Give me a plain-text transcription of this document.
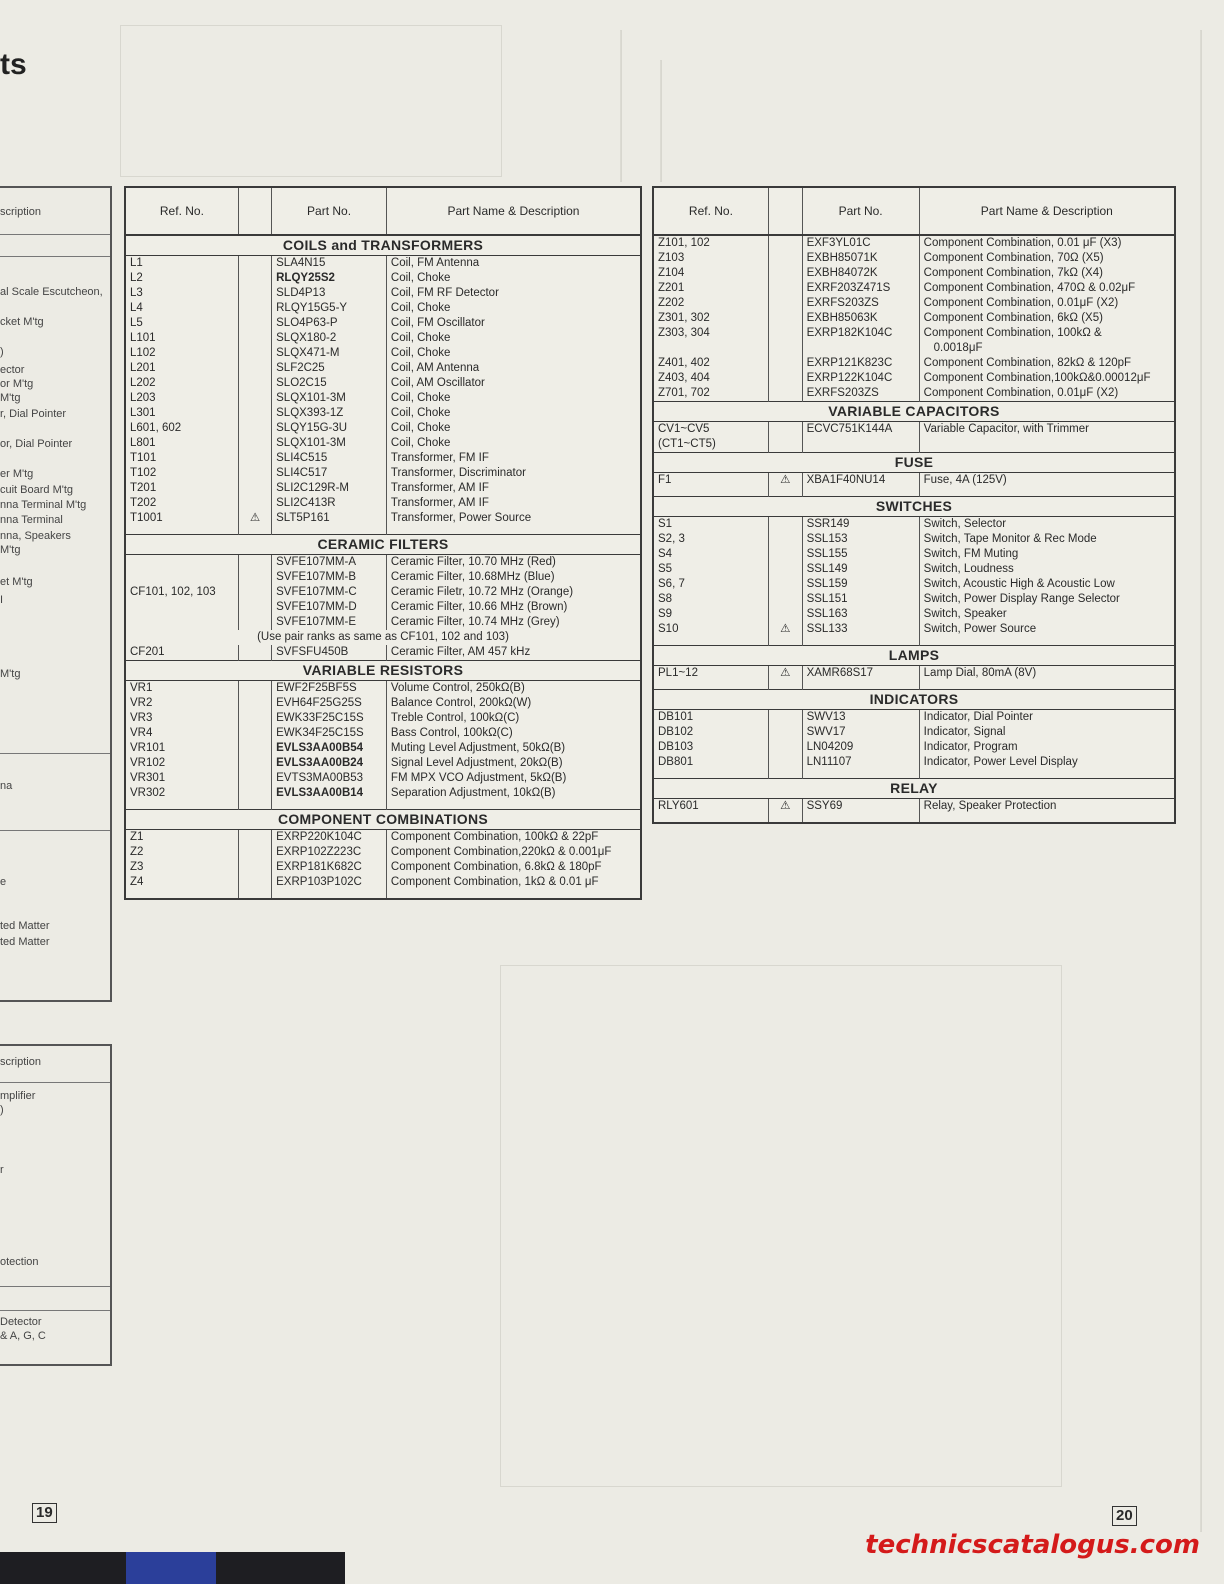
ts
scription
al Scale Escutcheon,
cket M'tg
)
ector
or M'tg
M'tg
r, Dial Pointer
or, Dial Pointer
er M'tg
cuit Board M'tg
nna Terminal M'tg
nna Terminal
nna, Speakers
M'tg
et M'tg
I
M'tg
na
e
ted Matter
ted Matter
scription
mplifier
)
r
otection
Detector
& A, G, C
Ref. No.		Part No.	Part Name & Description
COILS and TRANSFORMERS			
L1		SLA4N15	Coil, FM Antenna
L2		RLQY25S2	Coil, Choke
L3		SLD4P13	Coil, FM RF Detector
L4		RLQY15G5-Y	Coil, Choke
L5		SLO4P63-P	Coil, FM Oscillator
L101		SLQX180-2	Coil, Choke
L102		SLQX471-M	Coil, Choke
L201		SLF2C25	Coil, AM Antenna
L202		SLO2C15	Coil, AM Oscillator
L203		SLQX101-3M	Coil, Choke
L301		SLQX393-1Z	Coil, Choke
L601, 602		SLQY15G-3U	Coil, Choke
L801		SLQX101-3M	Coil, Choke
T101		SLI4C515	Transformer, FM IF
T102		SLI4C517	Transformer, Discriminator
T201		SLI2C129R-M	Transformer, AM IF
T202		SLI2C413R	Transformer, AM IF
T1001	⚠	SLT5P161	Transformer, Power Source

CERAMIC FILTERS			
		SVFE107MM-A	Ceramic Filter, 10.70 MHz (Red)
		SVFE107MM-B	Ceramic Filter, 10.68MHz (Blue)
CF101, 102, 103		SVFE107MM-C	Ceramic Filetr, 10.72 MHz (Orange)
		SVFE107MM-D	Ceramic Filter, 10.66 MHz (Brown)
		SVFE107MM-E	Ceramic Filter, 10.74 MHz (Grey)
(Use pair ranks as same as CF101, 102 and 103)			
CF201		SVFSFU450B	Ceramic Filter, AM 457 kHz
VARIABLE RESISTORS			
VR1		EWF2F25BF5S	Volume Control, 250kΩ(B)
VR2		EVH64F25G25S	Balance Control, 200kΩ(W)
VR3		EWK33F25C15S	Treble Control, 100kΩ(C)
VR4		EWK34F25C15S	Bass Control, 100kΩ(C)
VR101		EVLS3AA00B54	Muting Level Adjustment, 50kΩ(B)
VR102		EVLS3AA00B24	Signal Level Adjustment, 20kΩ(B)
VR301		EVTS3MA00B53	FM MPX VCO Adjustment, 5kΩ(B)
VR302		EVLS3AA00B14	Separation Adjustment, 10kΩ(B)

COMPONENT COMBINATIONS			
Z1		EXRP220K104C	Component Combination, 100kΩ & 22pF
Z2		EXRP102Z223C	Component Combination,220kΩ & 0.001μF
Z3		EXRP181K682C	Component Combination, 6.8kΩ & 180pF
Z4		EXRP103P102C	Component Combination, 1kΩ & 0.01 μF

Ref. No.		Part No.	Part Name & Description
Z101, 102		EXF3YL01C	Component Combination, 0.01 μF (X3)
Z103		EXBH85071K	Component Combination, 70Ω (X5)
Z104		EXBH84072K	Component Combination, 7kΩ (X4)
Z201		EXRF203Z471S	Component Combination, 470Ω & 0.02μF
Z202		EXRFS203ZS	Component Combination, 0.01μF (X2)
Z301, 302		EXBH85063K	Component Combination, 6kΩ (X5)
Z303, 304		EXRP182K104C	Component Combination, 100kΩ &
			0.0018μF
Z401, 402		EXRP121K823C	Component Combination, 82kΩ & 120pF
Z403, 404		EXRP122K104C	Component Combination,100kΩ&0.00012μF
Z701, 702		EXRFS203ZS	Component Combination, 0.01μF (X2)
VARIABLE CAPACITORS			

CV1~CV5
(CT1~CT5)		ECVC751K144A	Variable Capacitor, with Trimmer
FUSE			
F1	⚠	XBA1F40NU14	Fuse, 4A (125V)

SWITCHES			
S1		SSR149	Switch, Selector
S2, 3		SSL153	Switch, Tape Monitor & Rec Mode
S4		SSL155	Switch, FM Muting
S5		SSL149	Switch, Loudness
S6, 7		SSL159	Switch, Acoustic High & Acoustic Low
S8		SSL151	Switch, Power Display Range Selector
S9		SSL163	Switch, Speaker
S10	⚠	SSL133	Switch, Power Source

LAMPS			
PL1~12	⚠	XAMR68S17	Lamp Dial, 80mA (8V)

INDICATORS			
DB101		SWV13	Indicator, Dial Pointer
DB102		SWV17	Indicator, Signal
DB103		LN04209	Indicator, Program
DB801		LN11107	Indicator, Power Level Display

RELAY			
RLY601	⚠	SSY69	Relay, Speaker Protection

19	20
technicscatalogus.com
